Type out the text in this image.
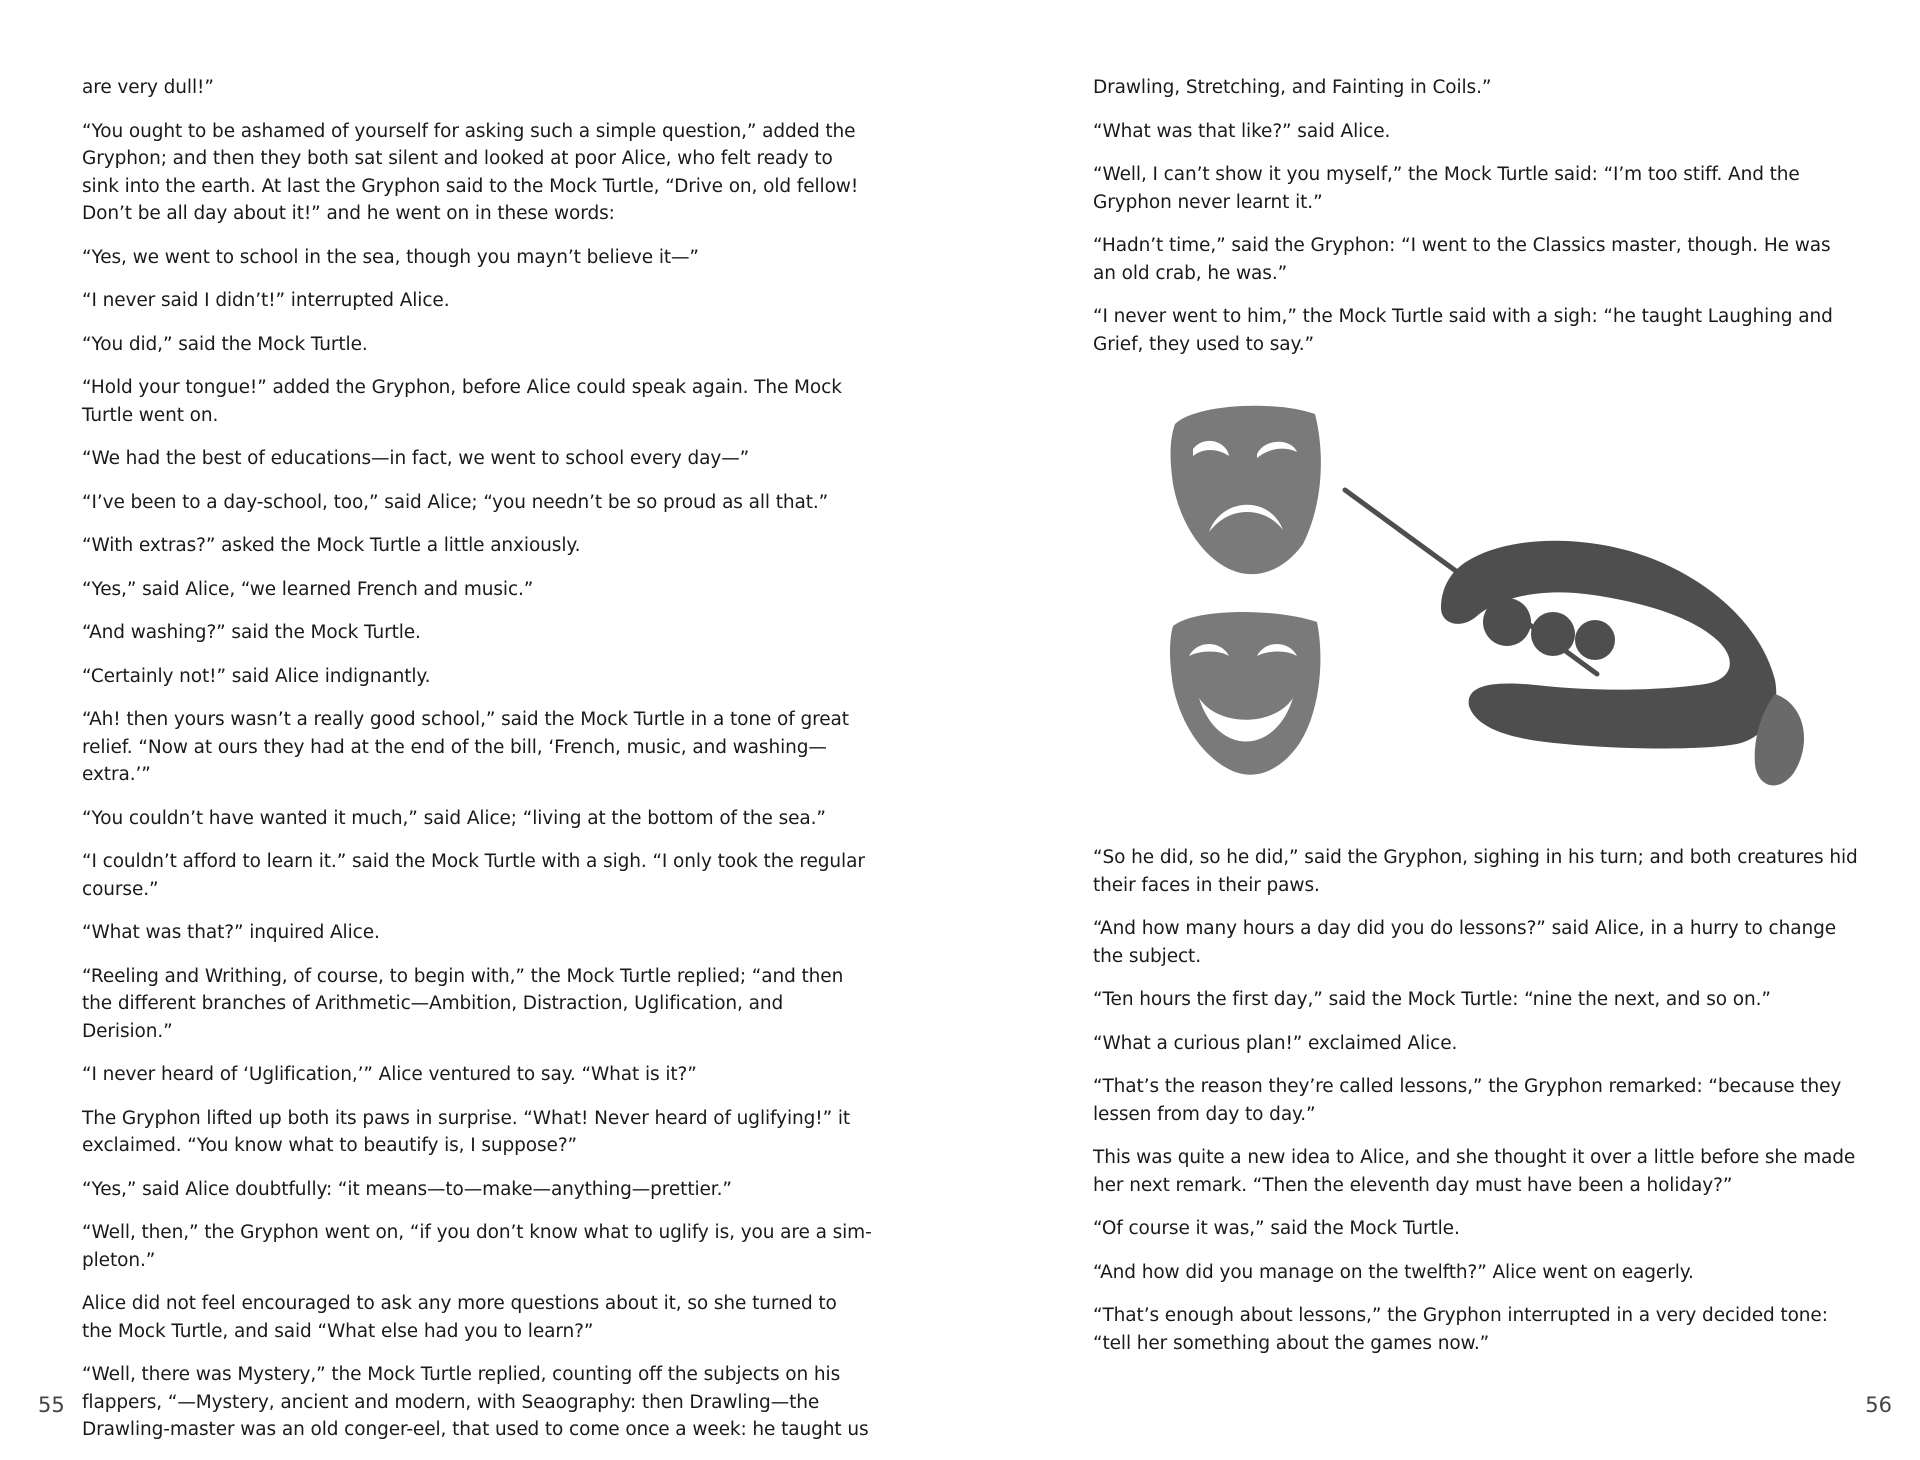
are very dull!”

“You ought to be ashamed of yourself for asking such a simple question,” added the Gryphon; and then they both sat silent and looked at poor Alice, who felt ready to sink into the earth. At last the Gryphon said to the Mock Turtle, “Drive on, old fellow! Don’t be all day about it!” and he went on in these words:

“Yes, we went to school in the sea, though you mayn’t believe it—”

“I never said I didn’t!” interrupted Alice.

“You did,” said the Mock Turtle.

“Hold your tongue!” added the Gryphon, before Alice could speak again. The Mock Turtle went on.

“We had the best of educations—in fact, we went to school every day—”

“I’ve been to a day-school, too,” said Alice; “you needn’t be so proud as all that.”

“With extras?” asked the Mock Turtle a little anxiously.

“Yes,” said Alice, “we learned French and music.”

“And washing?” said the Mock Turtle.

“Certainly not!” said Alice indignantly.

“Ah! then yours wasn’t a really good school,” said the Mock Turtle in a tone of great relief. “Now at ours they had at the end of the bill, ‘French, music, and washing—extra.’”

“You couldn’t have wanted it much,” said Alice; “living at the bottom of the sea.”

“I couldn’t afford to learn it.” said the Mock Turtle with a sigh. “I only took the regular course.”

“What was that?” inquired Alice.

“Reeling and Writhing, of course, to begin with,” the Mock Turtle replied; “and then the different branches of Arithmetic—Ambition, Distraction, Uglification, and Derision.”

“I never heard of ‘Uglification,’” Alice ventured to say. “What is it?”

The Gryphon lifted up both its paws in surprise. “What! Never heard of uglifying!” it exclaimed. “You know what to beautify is, I suppose?”

“Yes,” said Alice doubtfully: “it means—to—make—anything—prettier.”

“Well, then,” the Gryphon went on, “if you don’t know what to uglify is, you are a sim-pleton.”

Alice did not feel encouraged to ask any more questions about it, so she turned to the Mock Turtle, and said “What else had you to learn?”

“Well, there was Mystery,” the Mock Turtle replied, counting off the subjects on his flappers, “—Mystery, ancient and modern, with Seaography: then Drawling—the Drawling-master was an old conger-eel, that used to come once a week: he taught us

55

Drawling, Stretching, and Fainting in Coils.”

“What was that like?” said Alice.

“Well, I can’t show it you myself,” the Mock Turtle said: “I’m too stiff. And the Gryphon never learnt it.”

“Hadn’t time,” said the Gryphon: “I went to the Classics master, though. He was an old crab, he was.”

“I never went to him,” the Mock Turtle said with a sigh: “he taught Laughing and Grief, they used to say.”

“So he did, so he did,” said the Gryphon, sighing in his turn; and both creatures hid their faces in their paws.

“And how many hours a day did you do lessons?” said Alice, in a hurry to change the subject.

“Ten hours the first day,” said the Mock Turtle: “nine the next, and so on.”

“What a curious plan!” exclaimed Alice.

“That’s the reason they’re called lessons,” the Gryphon remarked: “because they lessen from day to day.”

This was quite a new idea to Alice, and she thought it over a little before she made her next remark. “Then the eleventh day must have been a holiday?”

“Of course it was,” said the Mock Turtle.

“And how did you manage on the twelfth?” Alice went on eagerly.

“That’s enough about lessons,” the Gryphon interrupted in a very decided tone: “tell her something about the games now.”

56
